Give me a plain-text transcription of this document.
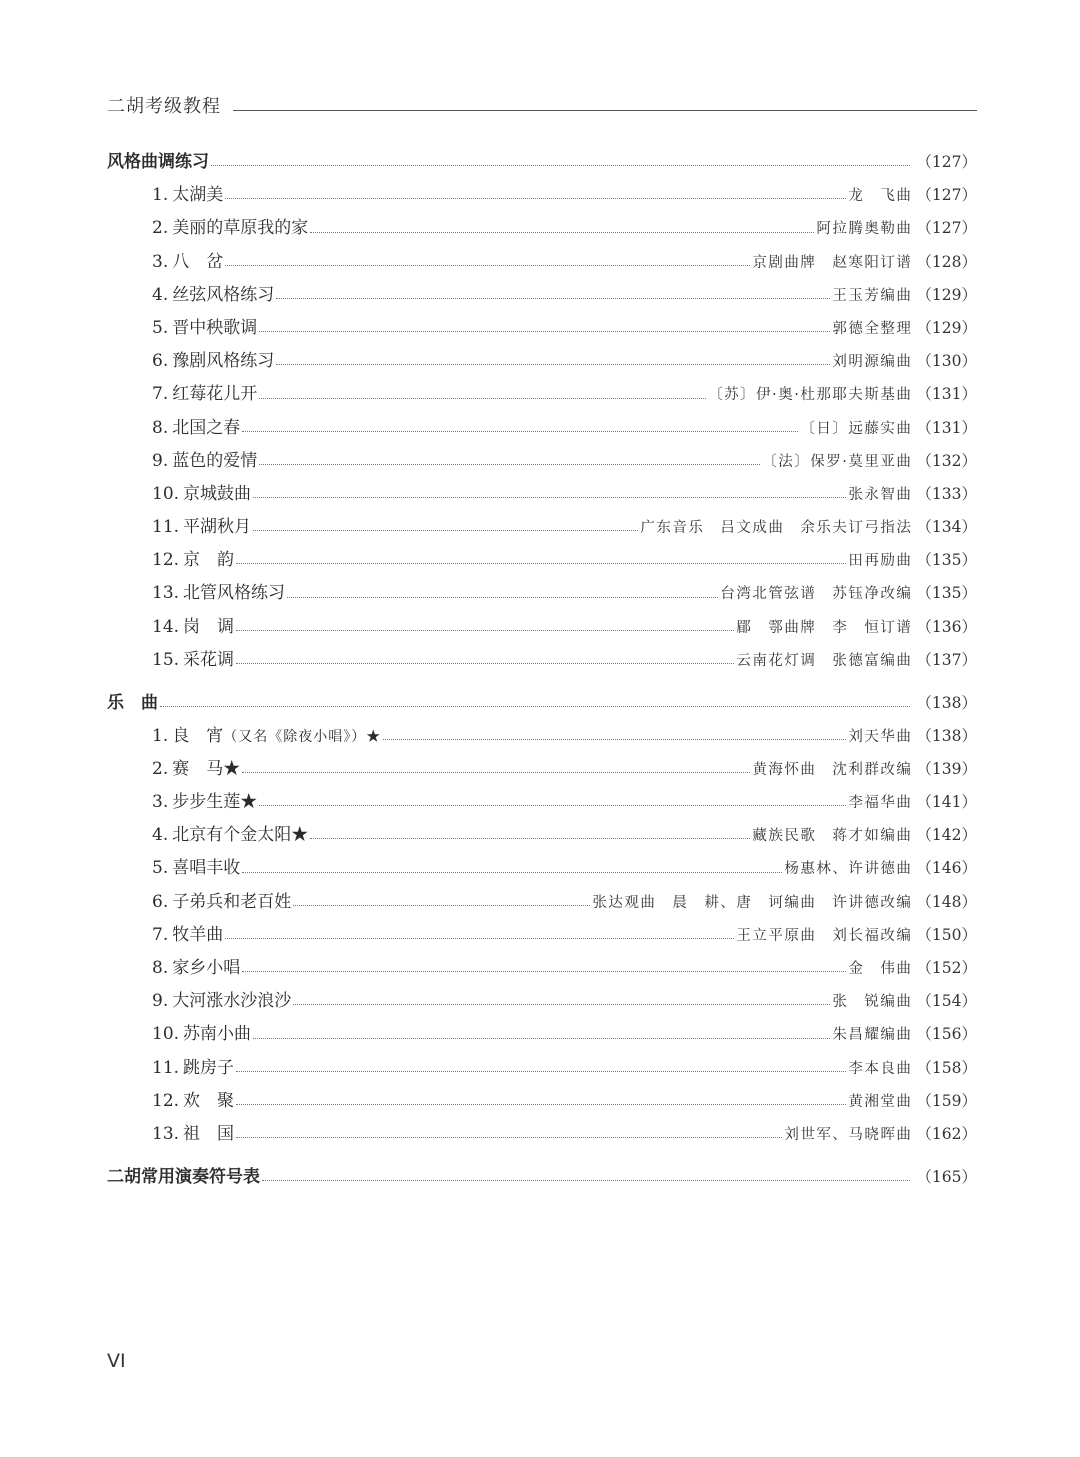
二胡考级教程
风格曲调练习	（127）
1. 太湖美	龙　飞曲 （127）
2. 美丽的草原我的家	阿拉腾奥勒曲 （127）
3. 八　岔	京剧曲牌　赵寒阳订谱 （128）
4. 丝弦风格练习	王玉芳编曲 （129）
5. 晋中秧歌调	郭德全整理 （129）
6. 豫剧风格练习	刘明源编曲 （130）
7. 红莓花儿开	〔苏〕伊·奥·杜那耶夫斯基曲 （131）
8. 北国之春	〔日〕远藤实曲 （131）
9. 蓝色的爱情	〔法〕保罗·莫里亚曲 （132）
10. 京城鼓曲	张永智曲 （133）
11. 平湖秋月	广东音乐　吕文成曲　余乐夫订弓指法 （134）
12. 京　韵	田再励曲 （135）
13. 北管风格练习	台湾北管弦谱　苏钰净改编 （135）
14. 岗　调	郿　鄠曲牌　李　恒订谱 （136）
15. 采花调	云南花灯调　张德富编曲 （137）
乐　曲	（138）
1. 良　宵 （又名《除夜小唱》）★	刘天华曲 （138）
2. 赛　马★	黄海怀曲　沈利群改编 （139）
3. 步步生莲★	李福华曲 （141）
4. 北京有个金太阳★	藏族民歌　蒋才如编曲 （142）
5. 喜唱丰收	杨惠林、许讲德曲 （146）
6. 子弟兵和老百姓	张达观曲　晨　耕、唐　诃编曲　许讲德改编 （148）
7. 牧羊曲	王立平原曲　刘长福改编 （150）
8. 家乡小唱	金　伟曲 （152）
9. 大河涨水沙浪沙	张　锐编曲 （154）
10. 苏南小曲	朱昌耀编曲 （156）
11. 跳房子	李本良曲 （158）
12. 欢　聚	黄湘堂曲 （159）
13. 祖　国	刘世军、马晓晖曲 （162）
二胡常用演奏符号表	（165）
VI
